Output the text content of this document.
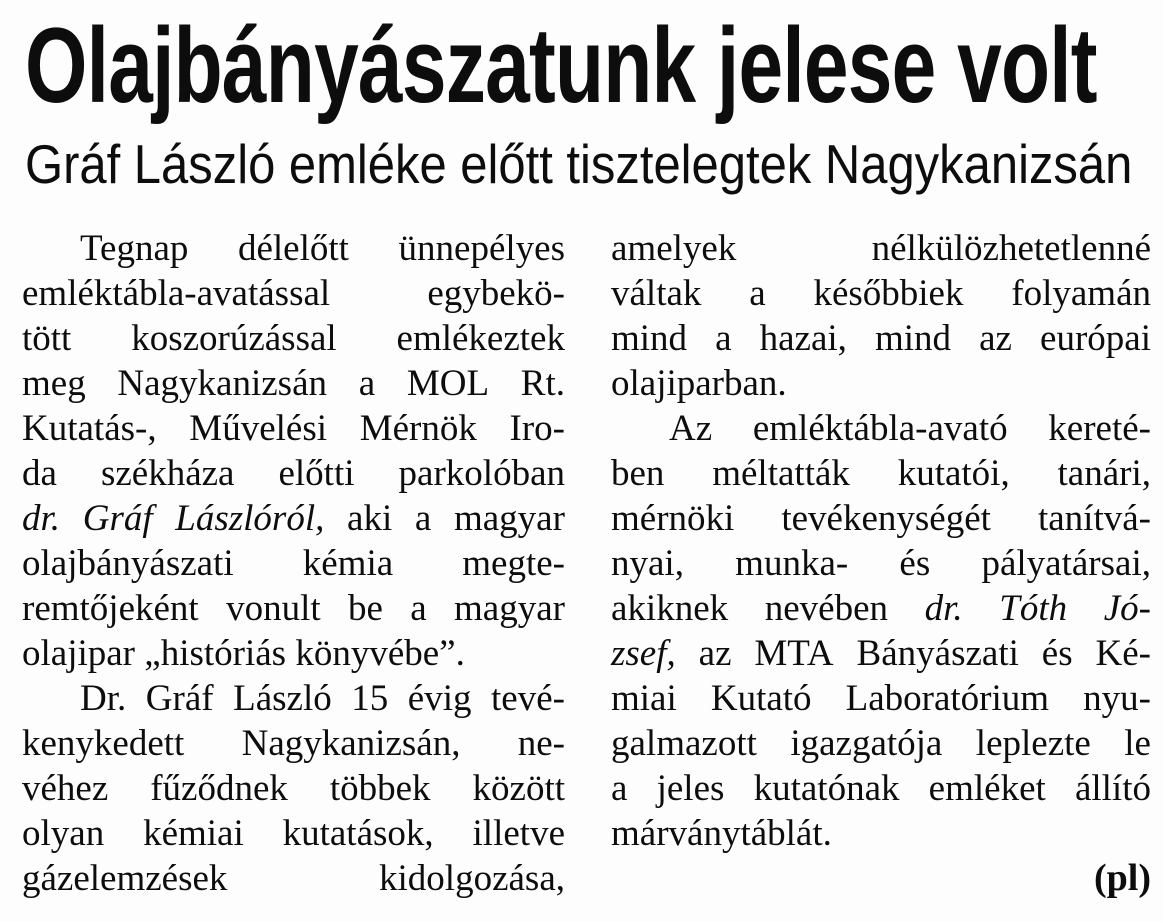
Olajbányászatunk jelese volt
Gráf László emléke előtt tisztelegtek Nagykanizsán
Tegnap délelőtt ünnepélyes
emléktábla-avatással	egybekö-
tött koszorúzással emlékeztek
meg Nagykanizsán a MOL Rt.
Kutatás-, Művelési Mérnök Iro-
da székháza előtti parkolóban
dr. Gráf Lászlóról, aki a magyar
olajbányászati kémia megte-
remtőjeként vonult be a magyar
olajipar „históriás könyvébe”.
Dr. Gráf László 15 évig tevé-
kenykedett Nagykanizsán, ne-
véhez fűződnek többek között
olyan kémiai kutatások, illetve
gázelemzések	kidolgozása,
amelyek	nélkülözhetetlenné
váltak a későbbiek folyamán
mind a hazai, mind az európai
olajiparban.
Az emléktábla-avató kereté-
ben méltatták kutatói, tanári,
mérnöki tevékenységét tanítvá-
nyai, munka- és pályatársai,
akiknek nevében dr. Tóth Jó-
zsef, az MTA Bányászati és Ké-
miai Kutató Laboratórium nyu-
galmazott igazgatója leplezte le
a jeles kutatónak emléket állító
márványtáblát.
(pl)
